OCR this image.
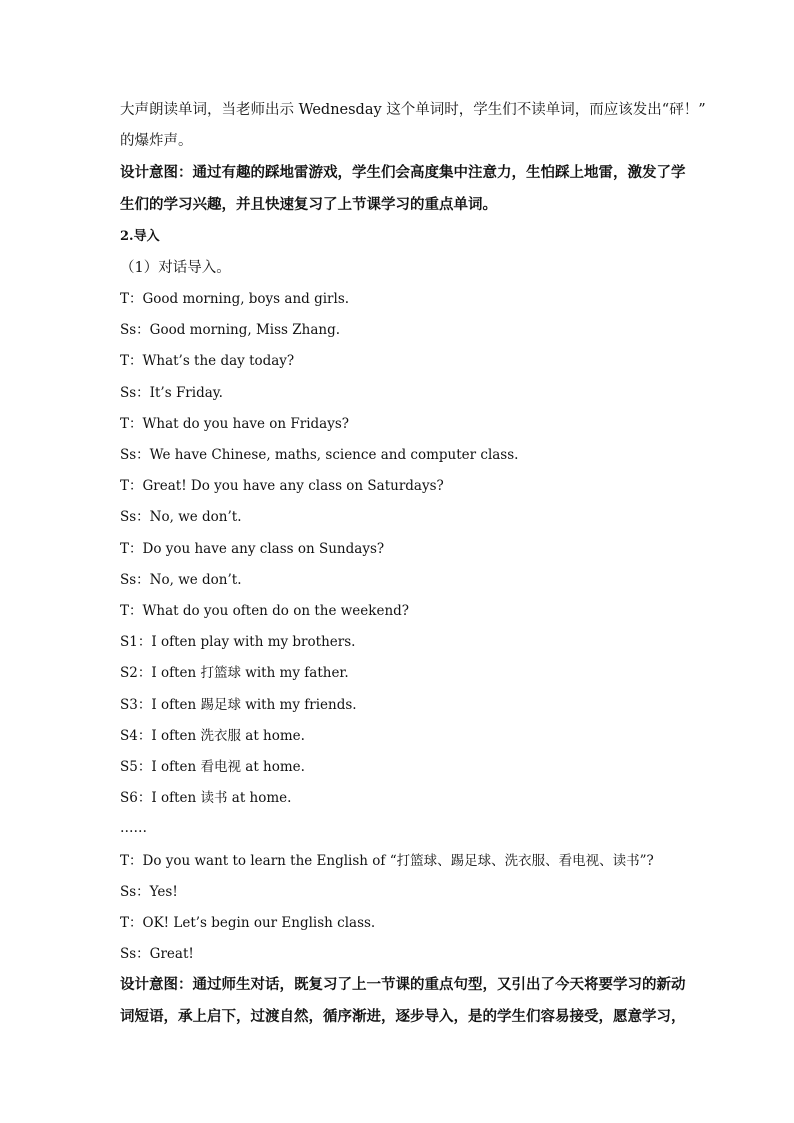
大声朗读单词，当老师出示 Wednesday 这个单词时，学生们不读单词，而应该发出“砰！”
的爆炸声。
设计意图：通过有趣的踩地雷游戏，学生们会高度集中注意力，生怕踩上地雷，激发了学
生们的学习兴趣，并且快速复习了上节课学习的重点单词。
2.导入
（1）对话导入。
T：Good morning, boys and girls.
Ss：Good morning, Miss Zhang.
T：What’s the day today?
Ss：It’s Friday.
T：What do you have on Fridays?
Ss：We have Chinese, maths, science and computer class.
T：Great! Do you have any class on Saturdays?
Ss：No, we don’t.
T：Do you have any class on Sundays?
Ss：No, we don’t.
T：What do you often do on the weekend?
S1：I often play with my brothers.
S2：I often 打篮球 with my father.
S3：I often 踢足球 with my friends.
S4：I often 洗衣服 at home.
S5：I often 看电视 at home.
S6：I often 读书 at home.
……
T：Do you want to learn the English of “打篮球、踢足球、洗衣服、看电视、读书”?
Ss：Yes!
T：OK! Let’s begin our English class.
Ss：Great!
设计意图：通过师生对话，既复习了上一节课的重点句型，又引出了今天将要学习的新动
词短语，承上启下，过渡自然，循序渐进，逐步导入，是的学生们容易接受，愿意学习，
